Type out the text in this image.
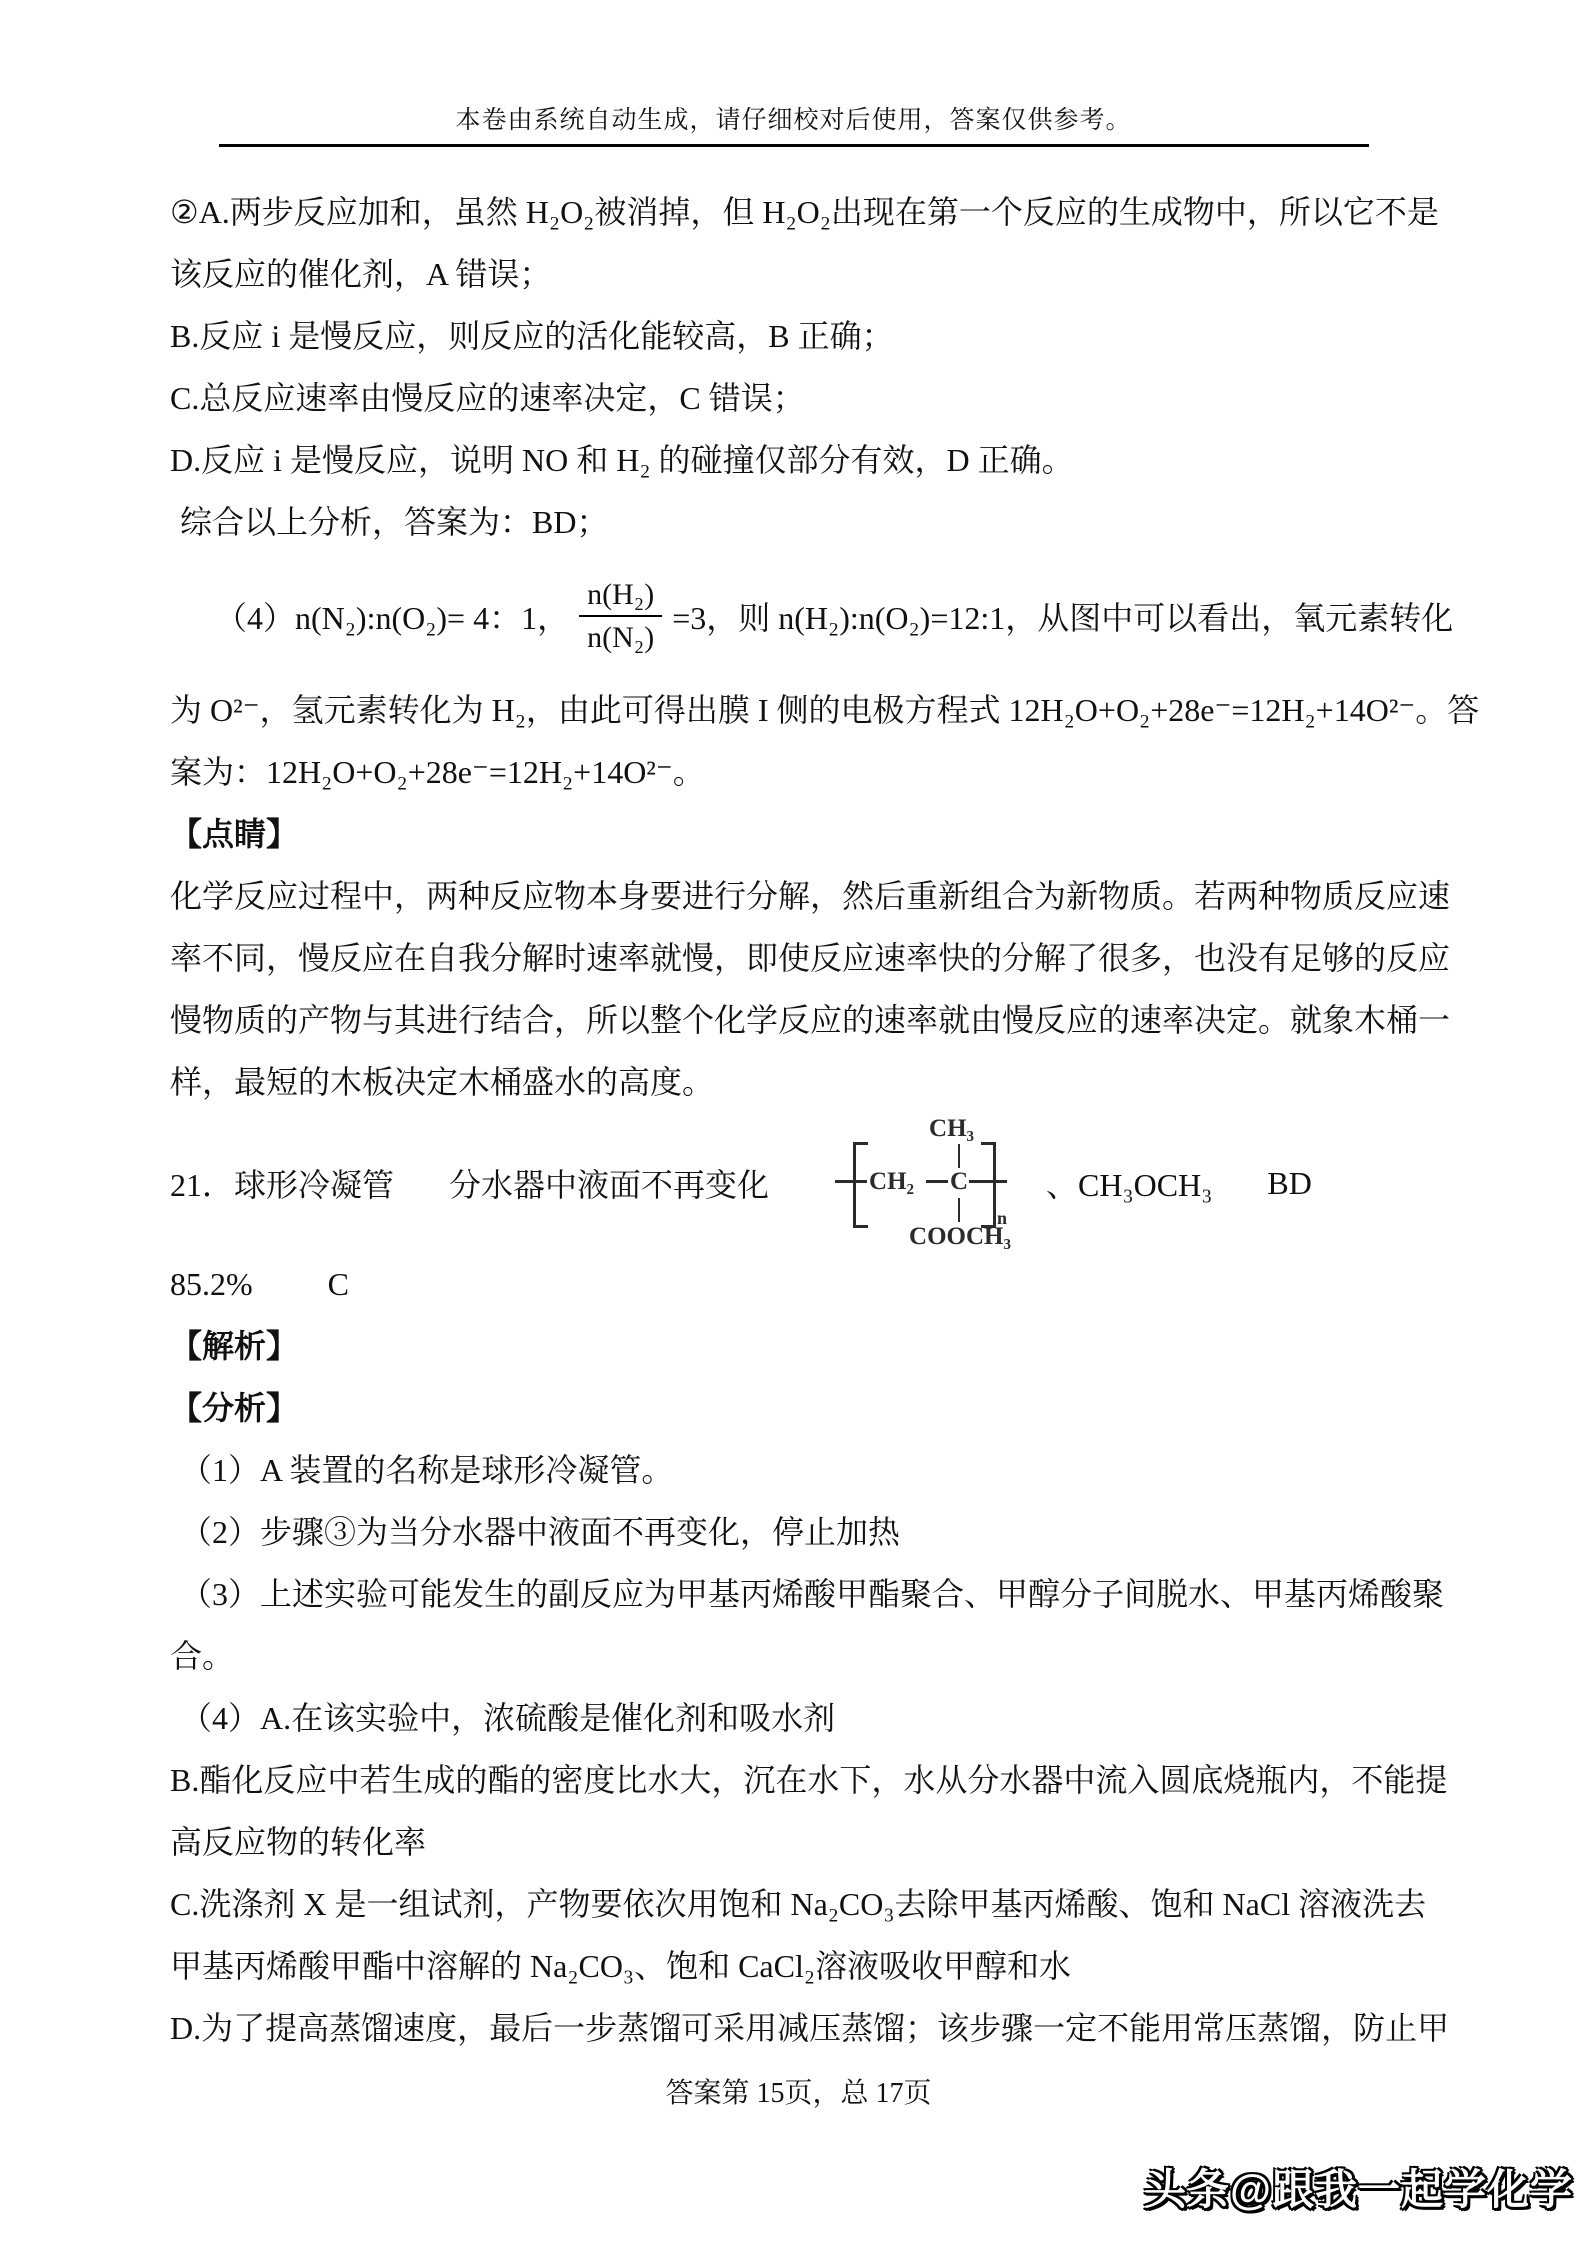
本卷由系统自动生成，请仔细校对后使用，答案仅供参考。

②A.两步反应加和，虽然 H₂O₂被消掉，但 H₂O₂出现在第一个反应的生成物中，所以它不是

该反应的催化剂，A 错误；

B.反应 i 是慢反应，则反应的活化能较高，B 正确；

C.总反应速率由慢反应的速率决定，C 错误；

D.反应 i 是慢反应，说明 NO 和 H₂ 的碰撞仅部分有效，D 正确。

综合以上分析，答案为：BD；

（4）n(N₂):n(O₂)= 4：1， $\frac{\text{n(H₂)}}{\text{n(N₂)}} =3$，则 n(H₂):n(O₂)=12:1，从图中可以看出，氧元素转化

为 O²⁻，氢元素转化为 H₂，由此可得出膜 I 侧的电极方程式 12H₂O+O₂+28e⁻=12H₂+14O²⁻。答

案为：12H₂O+O₂+28e⁻=12H₂+14O²⁻。

【点睛】

化学反应过程中，两种反应物本身要进行分解，然后重新组合为新物质。若两种物质反应速

率不同，慢反应在自我分解时速率就慢，即使反应速率快的分解了很多，也没有足够的反应

慢物质的产物与其进行结合，所以整个化学反应的速率就由慢反应的速率决定。就象木桶一

样，最短的木板决定木桶盛水的高度。

21．球形冷凝管 分水器中液面不再变化
CH₃
CH₂ C
n
COOCH₃
、CH₃OCH₃ BD
85.2% C

【解析】

【分析】

（1）A 装置的名称是球形冷凝管。

（2）步骤③为当分水器中液面不再变化，停止加热

（3）上述实验可能发生的副反应为甲基丙烯酸甲酯聚合、甲醇分子间脱水、甲基丙烯酸聚

合。

（4）A.在该实验中，浓硫酸是催化剂和吸水剂

B.酯化反应中若生成的酯的密度比水大，沉在水下，水从分水器中流入圆底烧瓶内，不能提

高反应物的转化率

C.洗涤剂 X 是一组试剂，产物要依次用饱和 Na₂CO₃去除甲基丙烯酸、饱和 NaCl 溶液洗去

甲基丙烯酸甲酯中溶解的 Na₂CO₃、饱和 CaCl₂溶液吸收甲醇和水

D.为了提高蒸馏速度，最后一步蒸馏可采用减压蒸馏；该步骤一定不能用常压蒸馏，防止甲

答案第 15页，总 17页
头条@跟我一起学化学
